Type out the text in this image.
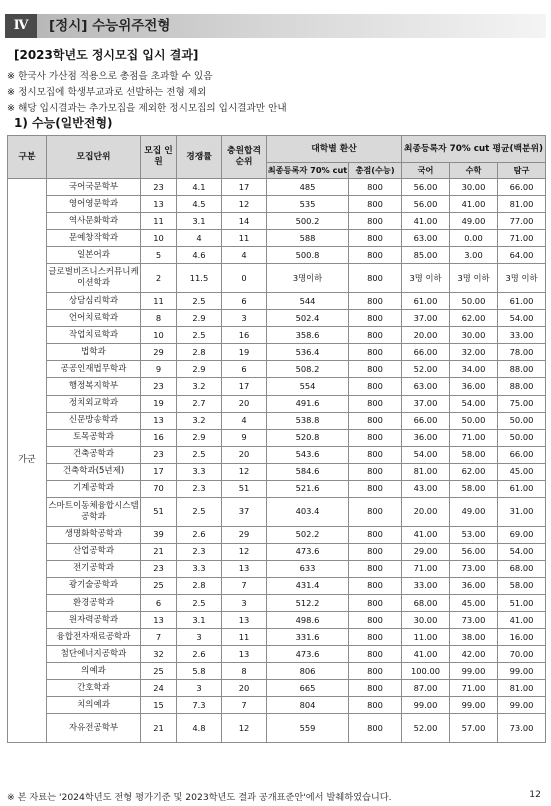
Ⅳ	[정시] 수능위주전형
[2023학년도 정시모집 입시 결과]
※ 한국사 가산점 적용으로 총점을 초과할 수 있음
※ 정시모집에 학생부교과로 선발하는 전형 제외
※ 해당 입시결과는 추가모집을 제외한 정시모집의 입시결과만 안내
1) 수능(일반전형)
구분	모집단위	모집 인원	경쟁률	충원합격 순위	대학별 환산		최종등록자 70% cut 평균(백분위)		
					최종등록자 70% cut	총점(수능)	국어	수학	탐구
가군	국어국문학부	23	4.1	17	485	800	56.00	30.00	66.00
	영어영문학과	13	4.5	12	535	800	56.00	41.00	81.00
	역사문화학과	11	3.1	14	500.2	800	41.00	49.00	77.00
	문예창작학과	10	4	11	588	800	63.00	0.00	71.00
	일본어과	5	4.6	4	500.8	800	85.00	3.00	64.00
	글로벌비즈니스커뮤니케이션학과	2	11.5	0	3명이하	800	3명 이하	3명 이하	3명 이하
	상담심리학과	11	2.5	6	544	800	61.00	50.00	61.00
	언어치료학과	8	2.9	3	502.4	800	37.00	62.00	54.00
	작업치료학과	10	2.5	16	358.6	800	20.00	30.00	33.00
	법학과	29	2.8	19	536.4	800	66.00	32.00	78.00
	공공인재법무학과	9	2.9	6	508.2	800	52.00	34.00	88.00
	행정복지학부	23	3.2	17	554	800	63.00	36.00	88.00
	정치외교학과	19	2.7	20	491.6	800	37.00	54.00	75.00
	신문방송학과	13	3.2	4	538.8	800	66.00	50.00	50.00
	토목공학과	16	2.9	9	520.8	800	36.00	71.00	50.00
	건축공학과	23	2.5	20	543.6	800	54.00	58.00	66.00
	건축학과(5년제)	17	3.3	12	584.6	800	81.00	62.00	45.00
	기계공학과	70	2.3	51	521.6	800	43.00	58.00	61.00
	스마트이동체융합시스템공학과	51	2.5	37	403.4	800	20.00	49.00	31.00
	생명화학공학과	39	2.6	29	502.2	800	41.00	53.00	69.00
	산업공학과	21	2.3	12	473.6	800	29.00	56.00	54.00
	전기공학과	23	3.3	13	633	800	71.00	73.00	68.00
	광기술공학과	25	2.8	7	431.4	800	33.00	36.00	58.00
	환경공학과	6	2.5	3	512.2	800	68.00	45.00	51.00
	원자력공학과	13	3.1	13	498.6	800	30.00	73.00	41.00
	융합전자재료공학과	7	3	11	331.6	800	11.00	38.00	16.00
	첨단에너지공학과	32	2.6	13	473.6	800	41.00	42.00	70.00
	의예과	25	5.8	8	806	800	100.00	99.00	99.00
	간호학과	24	3	20	665	800	87.00	71.00	81.00
	치의예과	15	7.3	7	804	800	99.00	99.00	99.00
	자유전공학부	21	4.8	12	559	800	52.00	57.00	73.00
※ 본 자료는 '2024학년도 전형 평가기준 및 2023학년도 결과 공개표준안'에서 발췌하였습니다.	12
